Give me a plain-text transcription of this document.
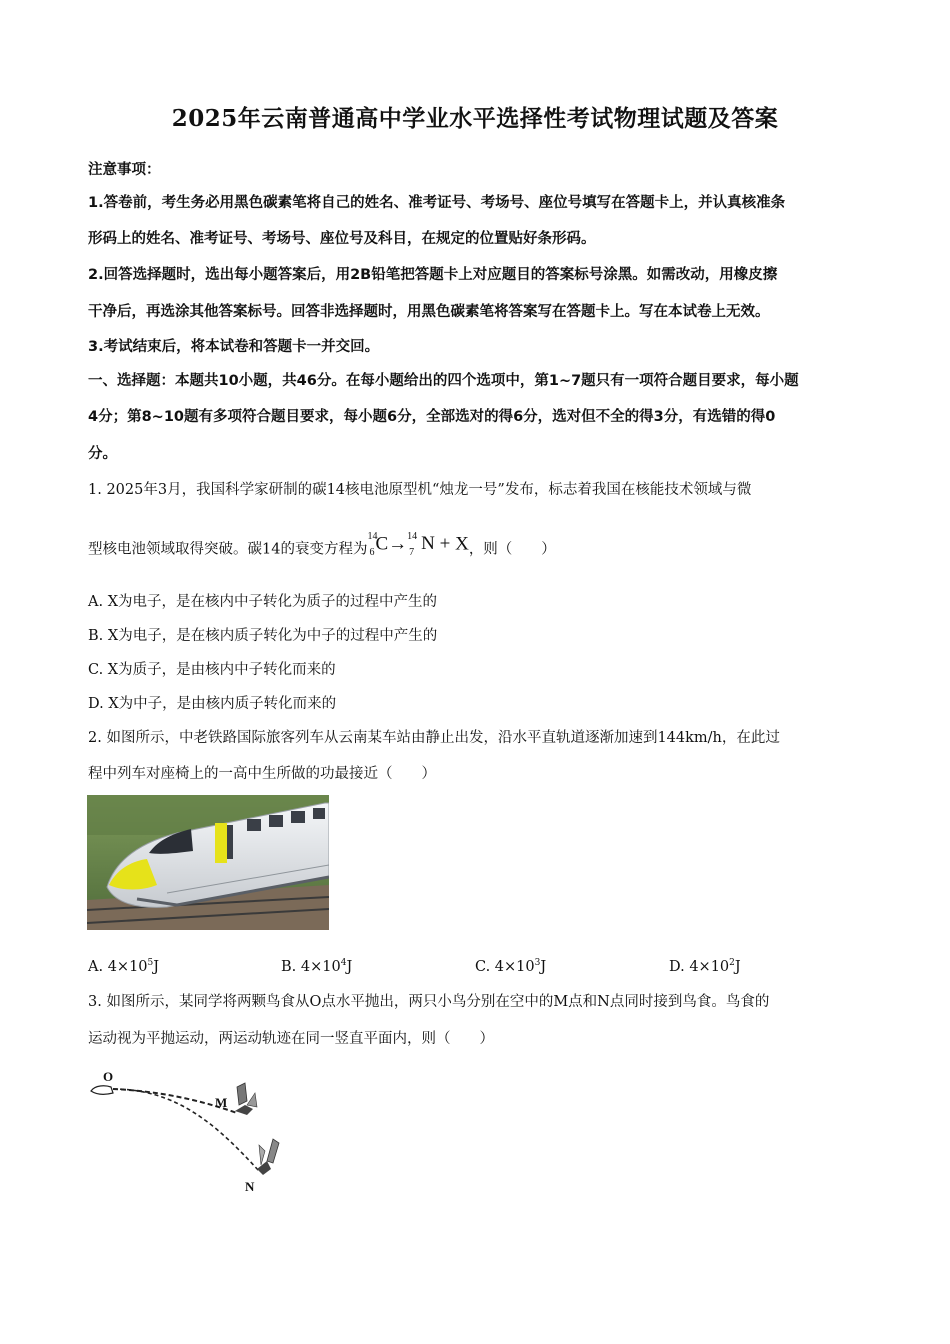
2025年云南普通高中学业水平选择性考试物理试题及答案
注意事项：
1.答卷前，考生务必用黑色碳素笔将自己的姓名、准考证号、考场号、座位号填写在答题卡上，并认真核准条
形码上的姓名、准考证号、考场号、座位号及科目，在规定的位置贴好条形码。
2.回答选择题时，选出每小题答案后，用2B铅笔把答题卡上对应题目的答案标号涂黑。如需改动，用橡皮擦
干净后，再选涂其他答案标号。回答非选择题时，用黑色碳素笔将答案写在答题卡上。写在本试卷上无效。
3.考试结束后，将本试卷和答题卡一并交回。
一、选择题：本题共10小题，共46分。在每小题给出的四个选项中，第1~7题只有一项符合题目要求，每小题
4分；第8~10题有多项符合题目要求，每小题6分，全部选对的得6分，选对但不全的得3分，有选错的得0
分。
1. 2025年3月，我国科学家研制的碳14核电池原型机“烛龙一号”发布，标志着我国在核能技术领域与微
型核电池领域取得突破。碳14的衰变方程为
14
6 C→ 14
7 N + X，则（　　）
A. X为电子，是在核内中子转化为质子的过程中产生的
B. X为电子，是在核内质子转化为中子的过程中产生的
C. X为质子，是由核内中子转化而来的
D. X为中子，是由核内质子转化而来的
2. 如图所示，中老铁路国际旅客列车从云南某车站由静止出发，沿水平直轨道逐渐加速到144km/h，在此过
程中列车对座椅上的一高中生所做的功最接近（　　）
A. $4\times 10^5J$	B. $4\times 10^4J$	C. $4\times 10^3J$	D. $4\times 10^2J$
3. 如图所示，某同学将两颗鸟食从O点水平抛出，两只小鸟分别在空中的M点和N点同时接到鸟食。鸟食的
运动视为平抛运动，两运动轨迹在同一竖直平面内，则（　　）
O
M
N
